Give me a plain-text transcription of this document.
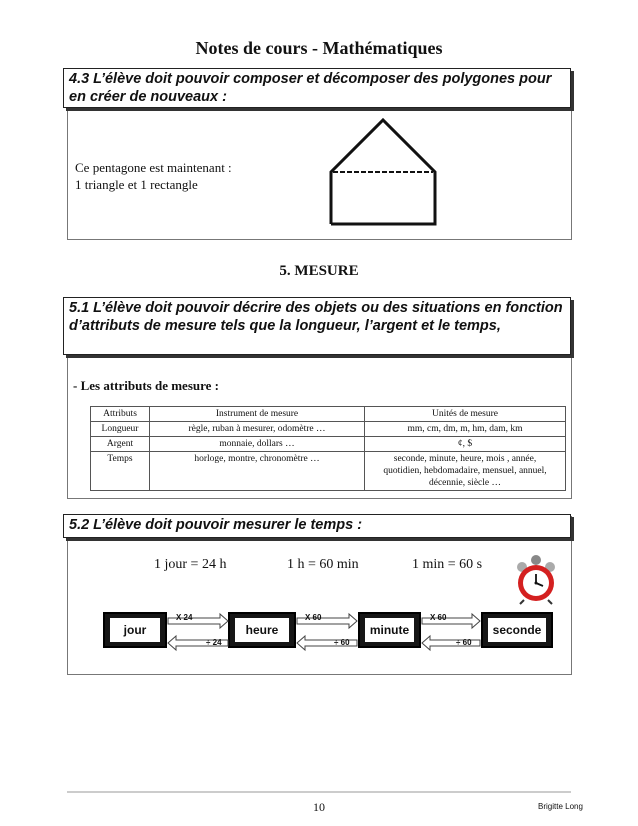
Notes de cours - Mathématiques
4.3 L’élève doit pouvoir composer et décomposer des polygones pour en créer de nouveaux :
Ce pentagone est maintenant :
1 triangle et 1 rectangle
5. MESURE
5.1 L’élève doit pouvoir décrire des objets ou des situations en fonction d’attributs de mesure tels que la longueur, l’argent et le temps,
- Les attributs de mesure :
Attributs	Instrument de mesure	Unités de mesure
Longueur	règle, ruban à mesurer, odomètre …	mm, cm, dm, m, hm, dam, km
Argent	monnaie, dollars …	¢, $
Temps	horloge, montre, chronomètre …	seconde, minute, heure, mois , année, quotidien, hebdomadaire, mensuel, annuel, décennie, siècle …
5.2 L’élève doit pouvoir mesurer le temps :
1 jour = 24 h	1 h = 60 min	1 min = 60 s
jour	heure	minute	seconde
X 24	X 60	X 60
÷ 24	÷ 60	÷ 60
10	Brigitte Long
